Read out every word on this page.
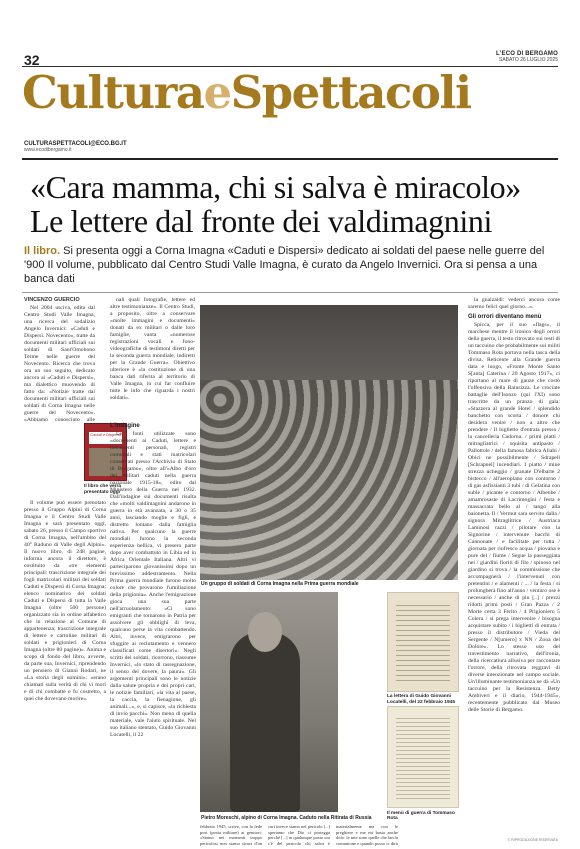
32	L'ECO DI BERGAMO
SABATO 26 LUGLIO 2025
CulturaeSpettacoli
CULTURASPETTACOLI@ECO.BG.IT
www.ecodibergamo.it
«Cara mamma, chi si salva è miracolo»
Le lettere dal fronte dei valdimagnini
Il libro. Si presenta oggi a Corna Imagna «Caduti e Dispersi» dedicato ai soldati del paese nelle guerre del '900 Il volume, pubblicato dal Centro Studi Valle Imagna, è curato da Angelo Invernici. Ora si pensa a una banca dati

VINCENZO GUERCIO

Nel 2004 usciva, edita dal Centro Studi Valle Imagna, una ricerca del sodalizio Angelo Invernici: «Caduti e Dispersi. Novecento», tratte da documenti militari ufficiali sui soldati di Sant'Omobono Terme nelle guerre del Novecento. Ricerca che trova ora un suo seguito, dedicato ancora ai «Caduti e Dispersi», ma dialettico muovendo di fatto da: «Notizie tratte dai documenti militari ufficiali sui soldati di Corna Imagna nelle guerre del Novecento». «Abbiamo conosciuto alle

Il volume può essere prenotato presso il Gruppo Alpini di Corna Imagna e il Centro Studi Valle Imagna e sarà presentato oggi, sabato 26, presso il Campo sportivo di Corna Imagna, nell'ambito del 40° Raduno di Valle degli Alpini». Il nuovo libro, di 248 pagine, informa ancora il direttore, è costituito da «tre elementi principali: trascrizione integrale dei fogli matricolari militari dei soldati Caduti e Dispersi di Corna Imagna; elenco nominativo dei soldati Caduti e Dispersi di tutta la Valle Imagna (oltre 500 persone) organizzato sia in ordine alfabetico che in relazione al Comune di appartenenza; trascrizione integrale di lettere e cartoline militari di soldati e prigionieri di Corna Imagna (oltre 80 pagine)». Anima e scopo di fondo del libro, avverte, da parte sua, Invernici, riprendendo un pensiero di Gianni Rodari, ne «La storia degli uomini»: «erano chiamati sulla verità di chi vi morì e di chi combatte e fu costretto, a quei che dovevano morire».

Caduti e Dispersi
Il libro che verrà presentato oggi

nali quali fotografie, lettere ed altre testimonianze». Il Centro Studi, a proposito, oltre a conservare «molte immagini e documenti» donati da ex militari o dalle loro famiglie, vanta «numerose registrazioni vocali e fono-videografiche di testimoni diretti per la seconda guerra mondiale, indiretti per la Grande Guerra». Obiettivo ulteriore è «la costituzione di una banca dati riferita al territorio di Valle Imagna, in cui far confluire tutte le info che riguarda i nostri soldati».

L'indagine

Le fonti utilizzate sono «documenti ai Caduti, lettere e documenti personali, registri comunali e stati matricolari conservati presso l'Archivio di Stato di Bergamo», oltre all'«Albo d'oro dei militari caduti nella guerra nazionale 1915-18», edito dal Ministero della Guerra nel 1932. Dall'indagine sui documenti risulta che «molti valdimagnini andarono in guerra in età avanzata, a 30 o 35 anni, lasciando moglie e figli, e distretto lontano dalla famiglia nativa. Per qualcuno la guerre mondiali furono la seconda esperienza bellica, vi presero parte dopo aver combattuto in Libia ed in Africa Orientale Italiana. Altri vi parteciparono giovanissimi dopo un brevissimo addestramento. Nella Prima guerra mondiale furono molto colore che provarono l'umiliazione della prigionia». Anche l'emigrazione gioca una sua parte nell'arruolamento: «Ci sono emigranti che tornarono in Patria per assolvere gli obblighi di leva, qualcuno perse la vita combattendo. Altri, invece, emigrarono per sfuggire ai reclutamento e vennero classificati come disertori». Negli scritti dei soldati, ricorrono, riassume Invernici, «lo stato di rassegnazione, il senso del dovere, la paura». Gli argomenti principali sono le notizie dalla salute propria e dei propri cari, le notizie familiari, «la vita al paese, la caccia, la fienagione, gli animali...», e, si capisce, «la richiesta di invio pacchi». Non meno di quella materiale, vale l'aiuto spirituale. Nel suo italiano stentato, Guido Giovanni Locatelli, il 22

Un gruppo di soldati di Corna Imagna nella Prima guerra mondiale
Pietro Moreschi, alpino di Corna Imagna. Caduto nella Ritirata di Russia
La lettera di Guido Giovanni Locatelli, del 22 febbraio 1945
Il menù di guerra di Tommaso Rota

la gnaizaldi: vederci ancora come saremo felici quel giorno...».

Gli orrori diventano menù

Spicca, per il suo «flags», il marchese mentre il ironico degli orrori della guerra, il testo ritrovato sui resti di un taccuino che probabilmente sui militi Tommaso Rota portava nella tasca della divisa. Reticente alla Grande guerra data e luogo, «Fronte Monte Santo S[anta] Caterina / 20 Agosto 1917», ci riportano al mare di gauze che costò l'offensiva della Bainsizza. Le crociate battaglie dell'Isonzo (qui l'XI) sono trascritte da un pranzo di gala: «Stazzera al grande Hotel / splendido banchetto con scorta / donore chi desidera venire / non a altro che prendere / Il biglietto d'entrata presso / la cancelleria Cadorna. / primi piatti / mitragliatrici / squisita antipasto / Pallottole / della famosa fabrica Aliabi / Obici ne possibilmente / Sdrapell [Schrapnel] incendiari. 1 piatto / mine strezza ucheggio / granate D'elbarte 2 bistecco / all'aeroplano con contorno / di gas asfissianti 3 tubi / di Gelatina con suble / picante e contorno / Albenbe / amamrosaste di Lacrimogini / festa e massacrata bello al / tango alla baionetta. Il / Vermut sara servito dalla / signora Mitraglitrice / Austriaca Laminosi razzi / pilotare con la Signorine / intervenute bacchi di Cannonate / e facilitate per tutta / giornata per rinfresco acqua / piovana e pure del / fiume / Segue la passeggiata nei / giardini fioriti di filo / spinoso nel giardino si trova / la commissione che accompagnerà / l'intervenuti con pretentini / e alamenti / ... / la festa / si prolungherà fino all'anno / venturo ose è necessario / anche di piu [..] / prezzi ridotti primi posti / Gran Pazza / 2 Morte certa 3 Ferito / 4 Prigioniero 5 Colera / si prega intervenire / bisogna acquistare subito / i biglietti di entrata / presso il distributore / Vieda del Sergente / N[umero] x NN / Zona del Dolore». Lo stesso uso del travestimento narrativo, dell'ironia, della ricercatiura allusiva per raccontare l'orrore, della ritrovata reggravi di diverse intenzionate nel campo sociale. Un'illuminante testimonianza ne dà «Un taccuino per la Resistenza. Betty Ambiveri e il diario, 1944-1945», recentemente pubblicato dal Museo delle Storie di Bergamo.

febbraio 1945, scrive, con la fede post (posta militare) ai genitori: «Siamo nei momenti troppo pericolosi non siamo sicuri d'un
curi invece siamo nel pericolo [...] speriamo che Dio ci protegga perché [...] in qualunque posto ora c'è del pericolo chi salva è
materialmente ma con le preghiere e me mi basta anche dolo: le mie sono quelle che fan la comunione e quando posso ci dirò
© RIPRODUZIONE RISERVATA
